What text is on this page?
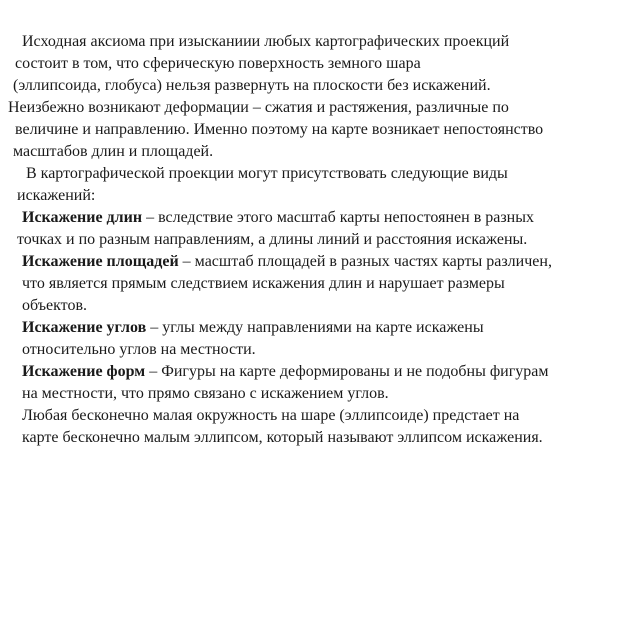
Исходная аксиома при изысканиии любых картографических проекций

состоит в том, что сферическую поверхность земного шара

(эллипсоида, глобуса) нельзя развернуть на плоскости без искажений.

Неизбежно возникают деформации – сжатия и растяжения, различные по

величине и направлению. Именно поэтому на карте возникает непостоянство

масштабов длин и площадей.

В картографической проекции могут присутствовать следующие виды

искажений:

Искажение длин – вследствие этого масштаб карты непостоянен в разных

точках и по разным направлениям, а длины линий и расстояния искажены.

Искажение площадей – масштаб площадей в разных частях карты различен,

что является прямым следствием искажения длин и нарушает размеры

объектов.

Искажение углов – углы между направлениями на карте искажены

относительно углов на местности.

Искажение форм – Фигуры на карте деформированы и не подобны фигурам

на местности, что прямо связано с искажением углов.

Любая бесконечно малая окружность на шаре (эллипсоиде) предстает на

карте бесконечно малым эллипсом, который называют эллипсом искажения.
